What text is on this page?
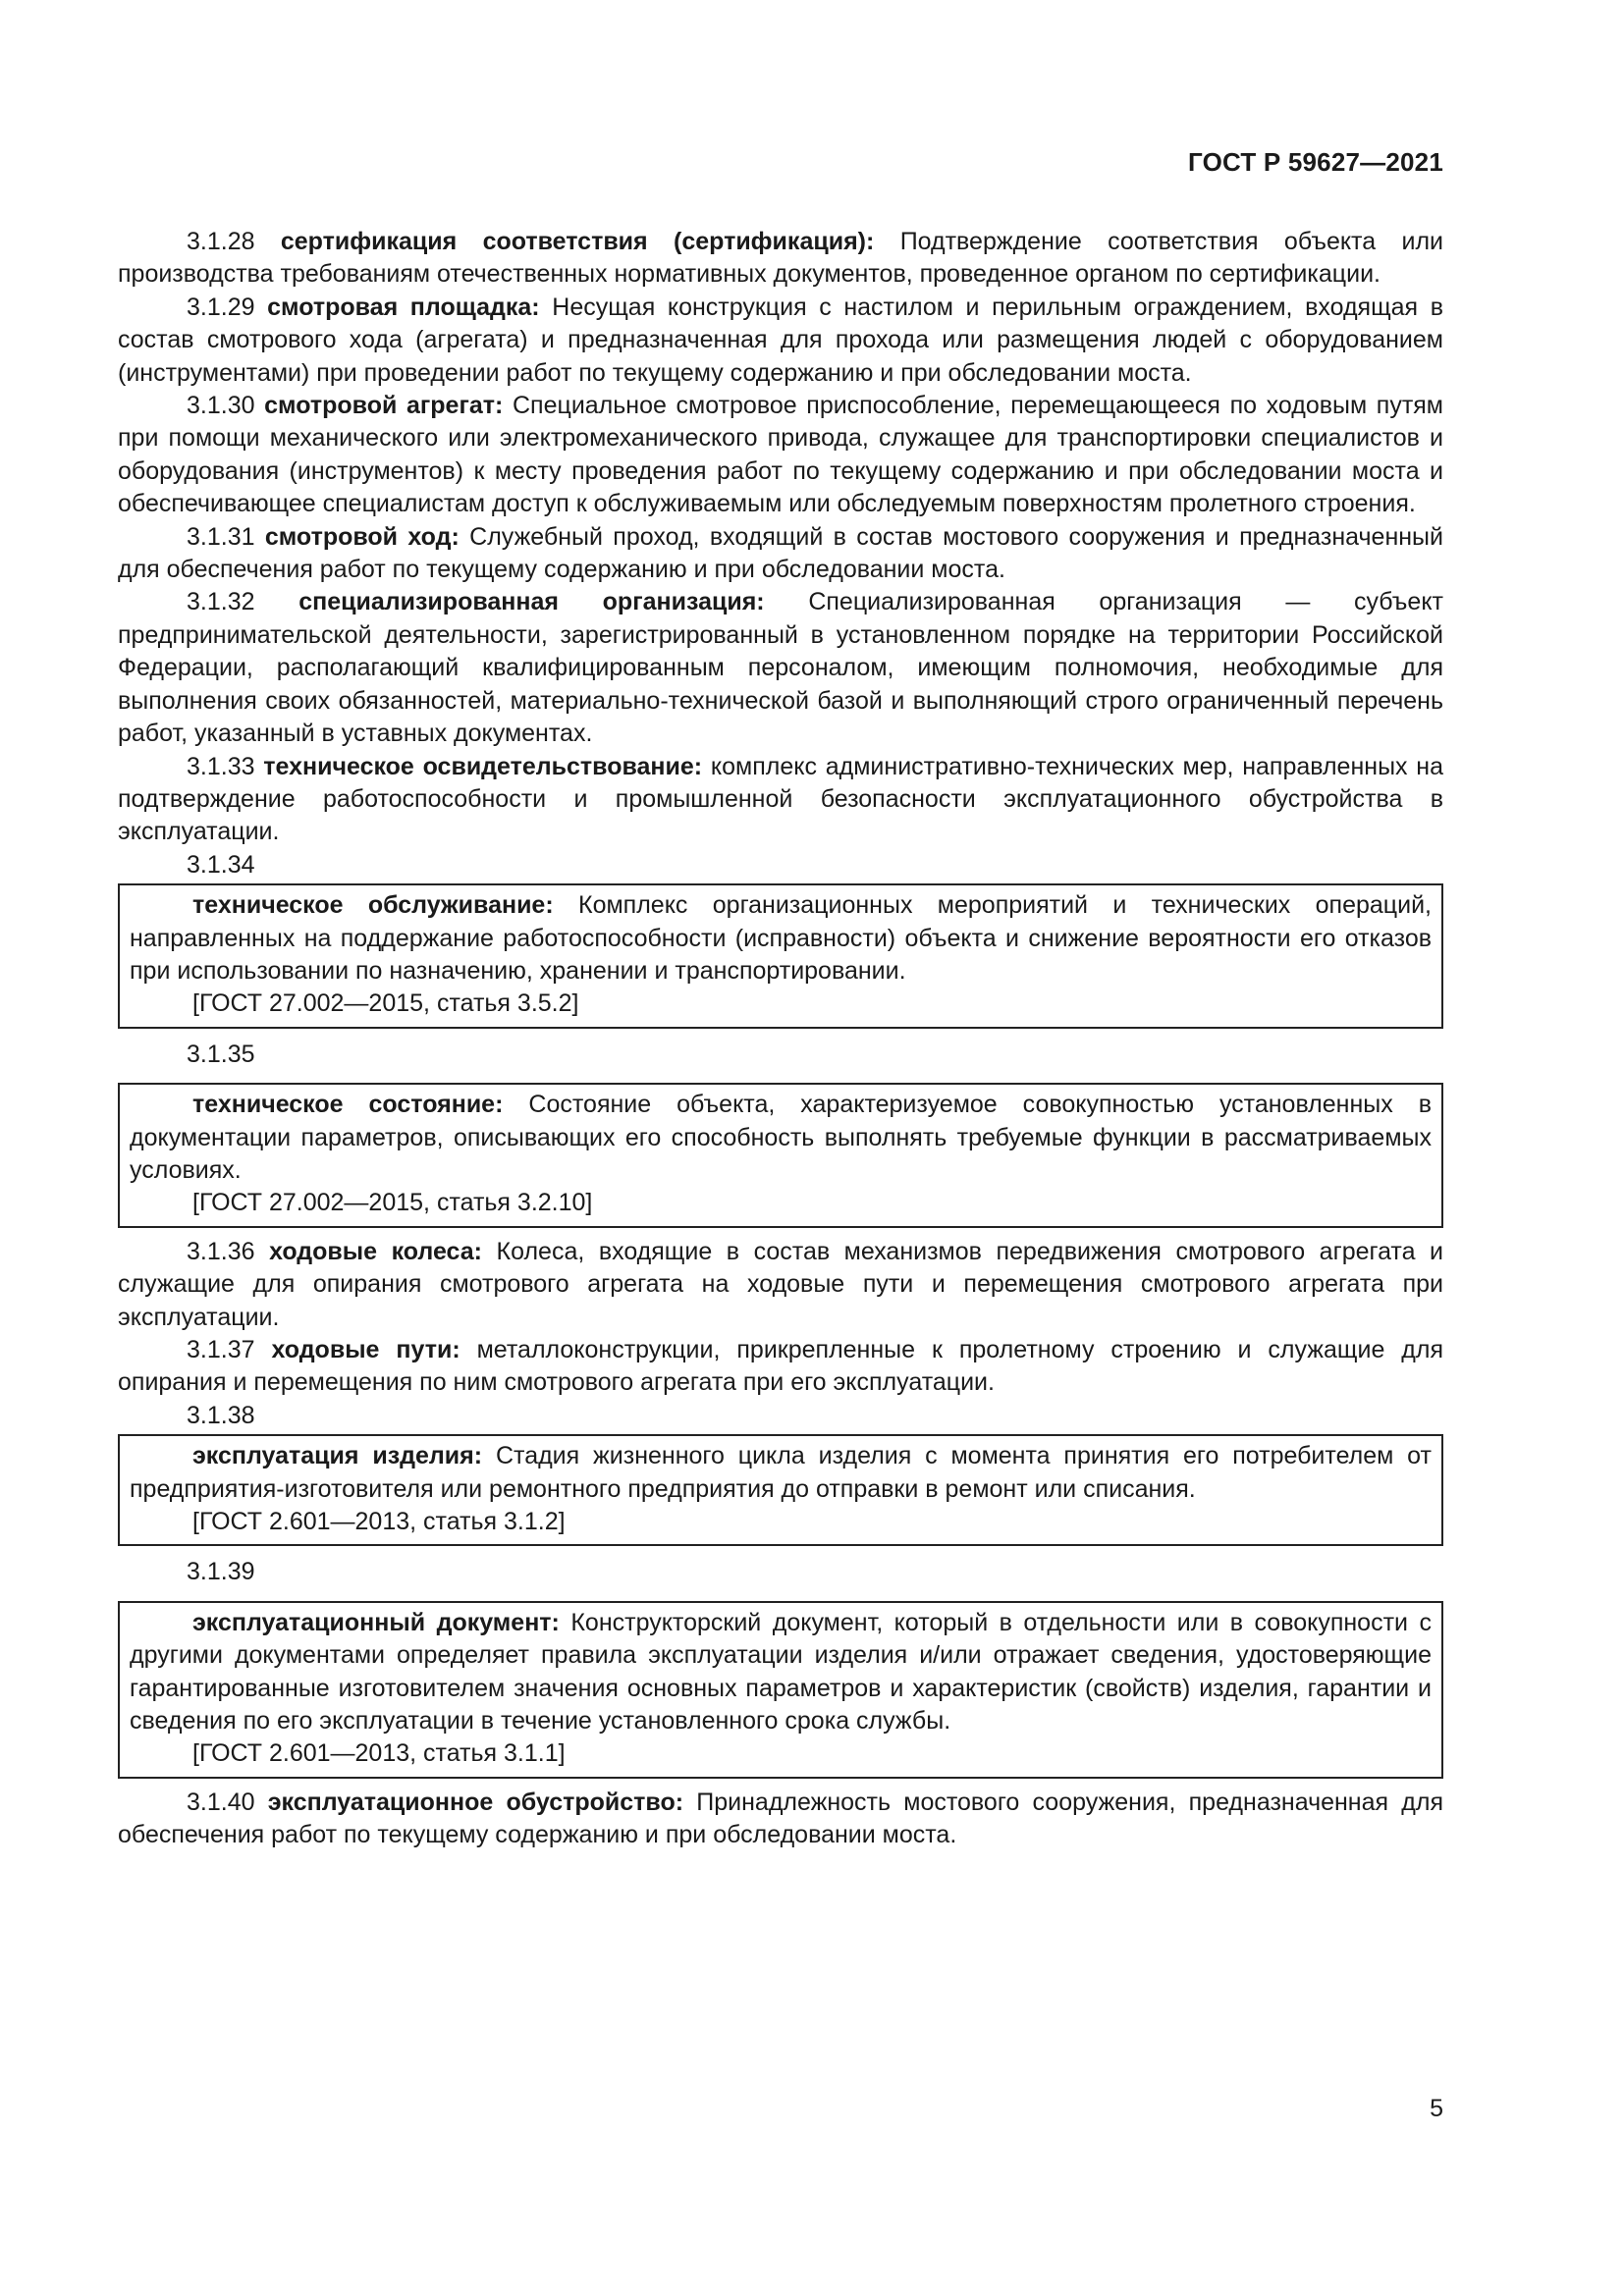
ГОСТ Р 59627—2021

3.1.28 сертификация соответствия (сертификация): Подтверждение соответствия объекта или производства требованиям отечественных нормативных документов, проведенное органом по сертификации.

3.1.29 смотровая площадка: Несущая конструкция с настилом и перильным ограждением, входящая в состав смотрового хода (агрегата) и предназначенная для прохода или размещения людей с оборудованием (инструментами) при проведении работ по текущему содержанию и при обследовании моста.

3.1.30 смотровой агрегат: Специальное смотровое приспособление, перемещающееся по ходовым путям при помощи механического или электромеханического привода, служащее для транспортировки специалистов и оборудования (инструментов) к месту проведения работ по текущему содержанию и при обследовании моста и обеспечивающее специалистам доступ к обслуживаемым или обследуемым поверхностям пролетного строения.

3.1.31 смотровой ход: Служебный проход, входящий в состав мостового сооружения и предназначенный для обеспечения работ по текущему содержанию и при обследовании моста.

3.1.32 специализированная организация: Специализированная организация — субъект предпринимательской деятельности, зарегистрированный в установленном порядке на территории Российской Федерации, располагающий квалифицированным персоналом, имеющим полномочия, необходимые для выполнения своих обязанностей, материально-технической базой и выполняющий строго ограниченный перечень работ, указанный в уставных документах.

3.1.33 техническое освидетельствование: комплекс административно-технических мер, направленных на подтверждение работоспособности и промышленной безопасности эксплуатационного обустройства в эксплуатации.

3.1.34

техническое обслуживание: Комплекс организационных мероприятий и технических операций, направленных на поддержание работоспособности (исправности) объекта и снижение вероятности его отказов при использовании по назначению, хранении и транспортировании.

[ГОСТ 27.002—2015, статья 3.5.2]

3.1.35

техническое состояние: Состояние объекта, характеризуемое совокупностью установленных в документации параметров, описывающих его способность выполнять требуемые функции в рассматриваемых условиях.

[ГОСТ 27.002—2015, статья 3.2.10]

3.1.36 ходовые колеса: Колеса, входящие в состав механизмов передвижения смотрового агрегата и служащие для опирания смотрового агрегата на ходовые пути и перемещения смотрового агрегата при эксплуатации.

3.1.37 ходовые пути: металлоконструкции, прикрепленные к пролетному строению и служащие для опирания и перемещения по ним смотрового агрегата при его эксплуатации.

3.1.38

эксплуатация изделия: Стадия жизненного цикла изделия с момента принятия его потребителем от предприятия-изготовителя или ремонтного предприятия до отправки в ремонт или списания.

[ГОСТ 2.601—2013, статья 3.1.2]

3.1.39

эксплуатационный документ: Конструкторский документ, который в отдельности или в совокупности с другими документами определяет правила эксплуатации изделия и/или отражает сведения, удостоверяющие гарантированные изготовителем значения основных параметров и характеристик (свойств) изделия, гарантии и сведения по его эксплуатации в течение установленного срока службы.

[ГОСТ 2.601—2013, статья 3.1.1]

3.1.40 эксплуатационное обустройство: Принадлежность мостового сооружения, предназначенная для обеспечения работ по текущему содержанию и при обследовании моста.

5
